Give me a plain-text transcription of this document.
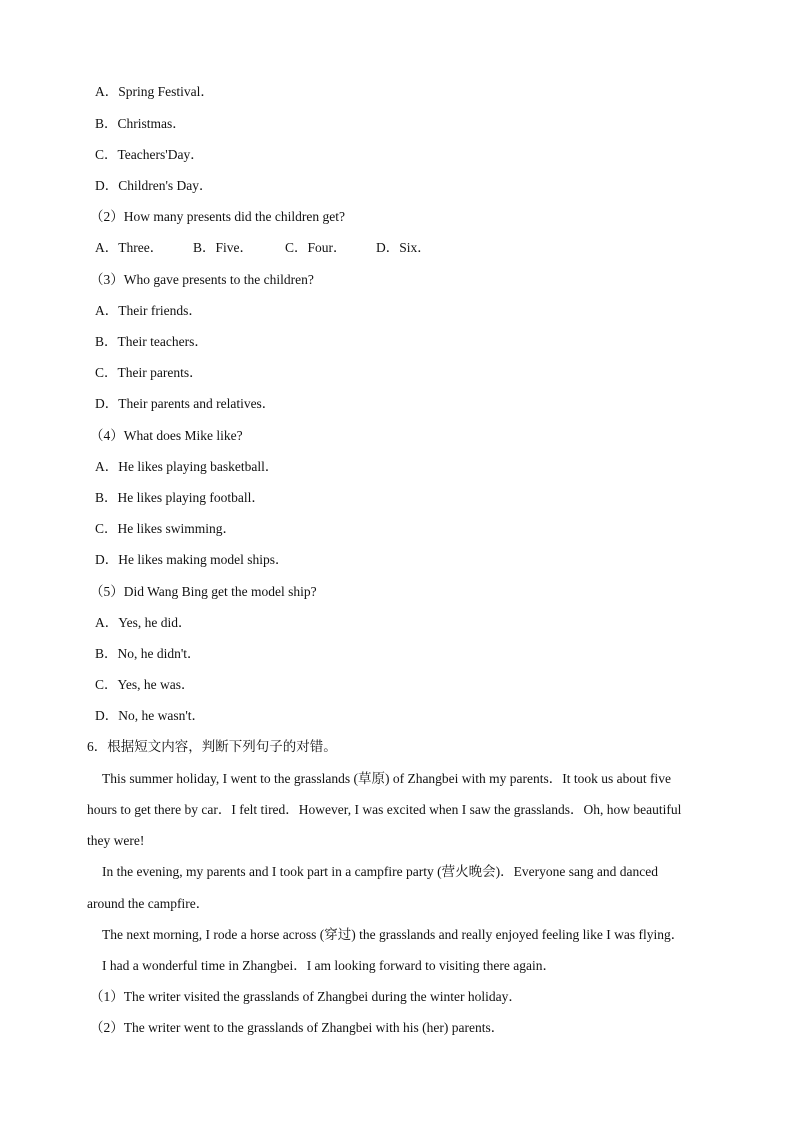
A．Spring Festival．
B．Christmas．
C．Teachers'Day．
D．Children's Day．
（2）How many presents did the children get?
A．Three． B．Five． C．Four． D．Six．
（3）Who gave presents to the children?
A．Their friends．
B．Their teachers．
C．Their parents．
D．Their parents and relatives．
（4）What does Mike like?
A．He likes playing basketball．
B．He likes playing football．
C．He likes swimming．
D．He likes making model ships．
（5）Did Wang Bing get the model ship?
A．Yes, he did．
B．No, he didn't．
C．Yes, he was．
D．No, he wasn't．
6．根据短文内容，判断下列句子的对错。
This summer holiday, I went to the grasslands (草原) of Zhangbei with my parents．It took us about five
hours to get there by car．I felt tired．However, I was excited when I saw the grasslands．Oh, how beautiful
they were!
In the evening, my parents and I took part in a campfire party (营火晚会)．Everyone sang and danced
around the campfire．
The next morning, I rode a horse across (穿过) the grasslands and really enjoyed feeling like I was flying．
I had a wonderful time in Zhangbei．I am looking forward to visiting there again．
（1）The writer visited the grasslands of Zhangbei during the winter holiday．
（2）The writer went to the grasslands of Zhangbei with his (her) parents．
